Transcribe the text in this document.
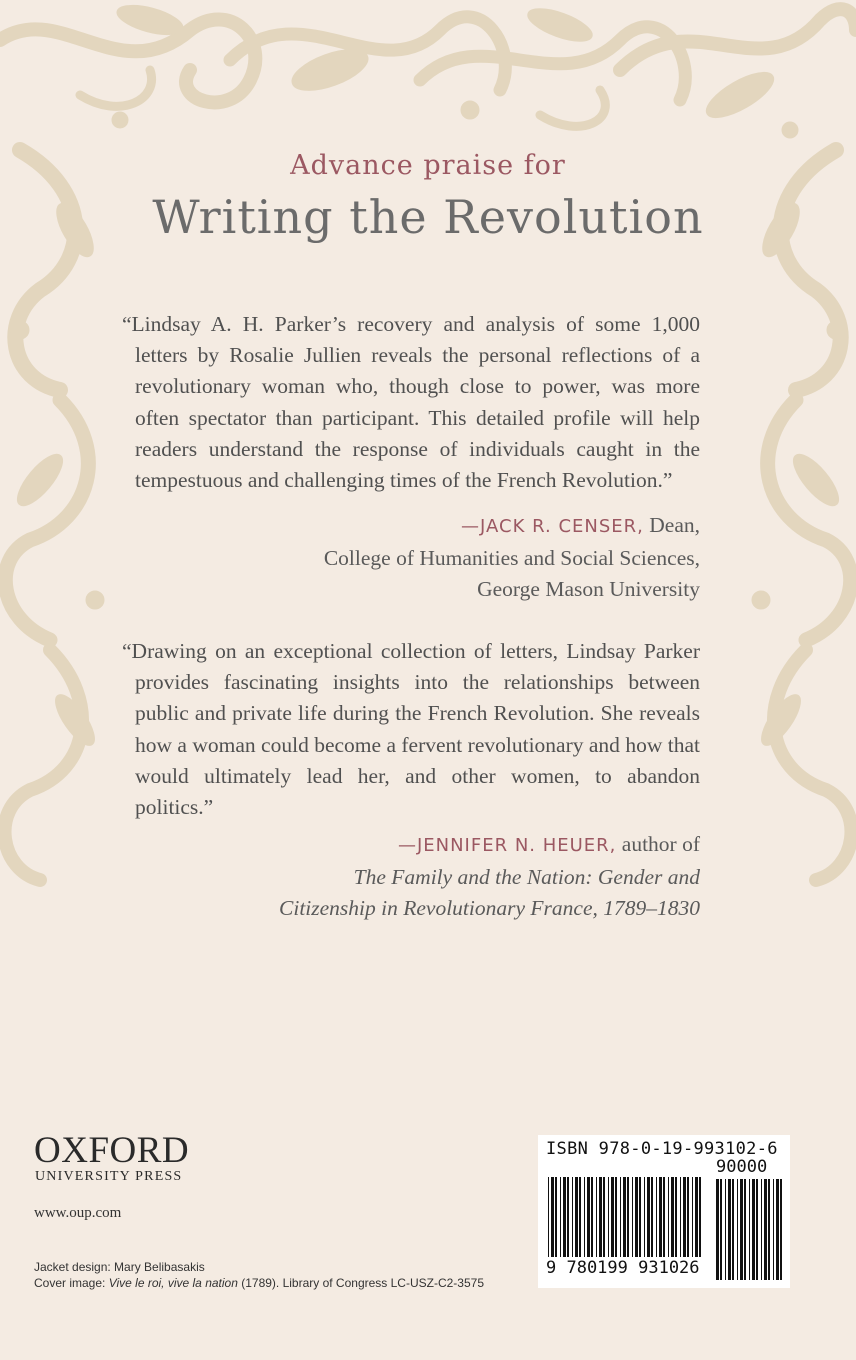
Advance praise for
Writing the Revolution

“Lindsay A. H. Parker’s recovery and analysis of some 1,000 letters by Rosalie Jullien reveals the personal reflections of a revolutionary woman who, though close to power, was more often spectator than participant. This detailed profile will help readers understand the response of individuals caught in the tempestuous and challenging times of the French Revolution.”

—JACK R. CENSER, Dean,
College of Humanities and Social Sciences,
George Mason University

“Drawing on an exceptional collection of letters, Lindsay Parker provides fascinating insights into the relationships between public and private life during the French Revolution. She reveals how a woman could become a fervent revolutionary and how that would ultimately lead her, and other women, to abandon politics.”

—JENNIFER N. HEUER, author of
The Family and the Nation: Gender and
Citizenship in Revolutionary France, 1789–1830
OXFORD
UNIVERSITY PRESS
www.oup.com
Jacket design: Mary Belibasakis
Cover image: Vive le roi, vive la nation (1789). Library of Congress LC-USZ-C2-3575
ISBN 978-0-19-993102-6
90000
9 780199 931026
